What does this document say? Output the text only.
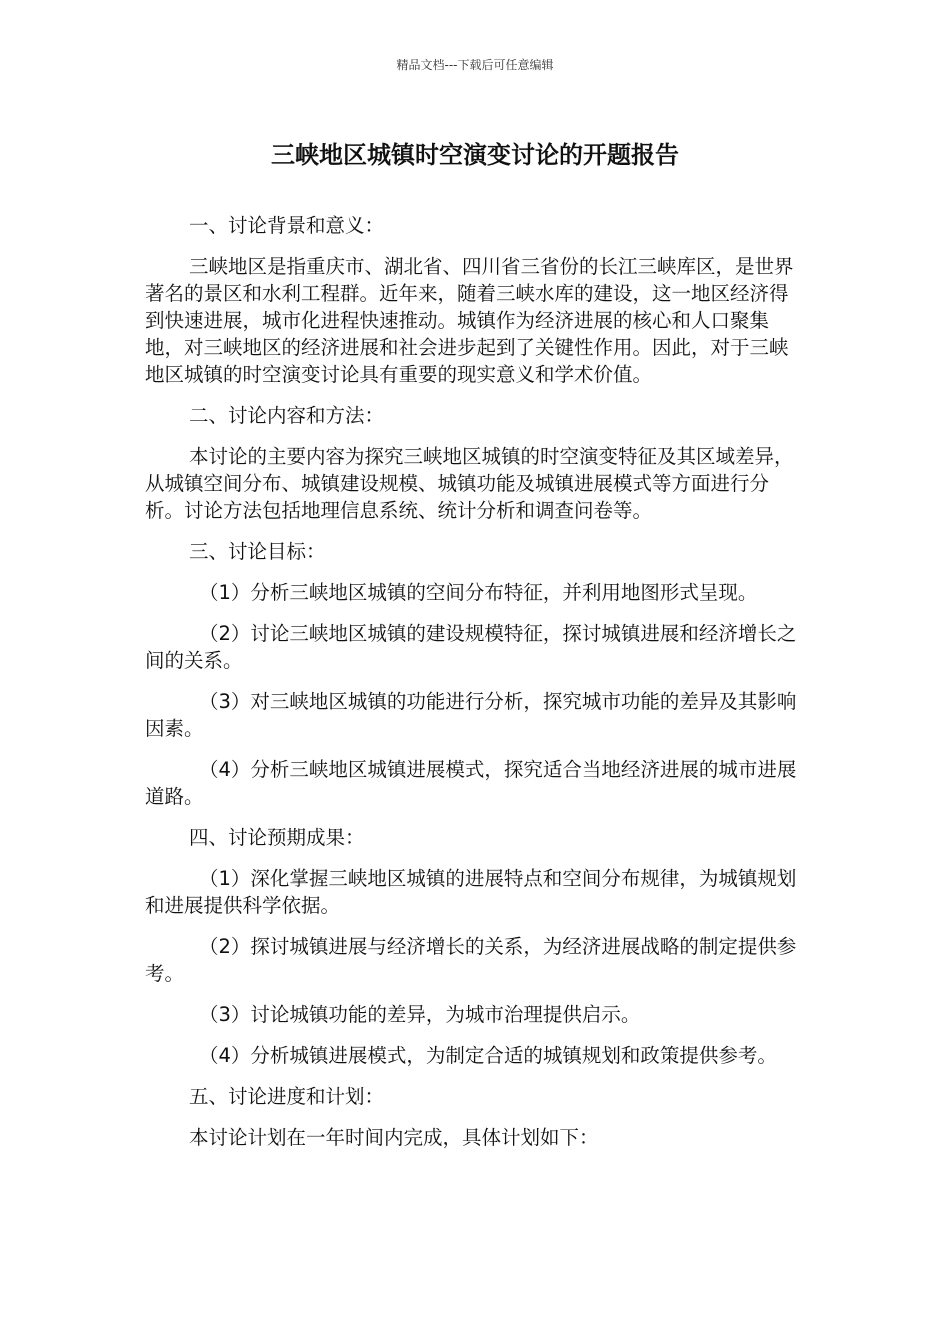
精品文档---下载后可任意编辑
三峡地区城镇时空演变讨论的开题报告

一、讨论背景和意义：

三峡地区是指重庆市、湖北省、四川省三省份的长江三峡库区，是世界著名的景区和水利工程群。近年来，随着三峡水库的建设，这一地区经济得到快速进展，城市化进程快速推动。城镇作为经济进展的核心和人口聚集地，对三峡地区的经济进展和社会进步起到了关键性作用。因此，对于三峡地区城镇的时空演变讨论具有重要的现实意义和学术价值。

二、讨论内容和方法：

本讨论的主要内容为探究三峡地区城镇的时空演变特征及其区域差异，从城镇空间分布、城镇建设规模、城镇功能及城镇进展模式等方面进行分析。讨论方法包括地理信息系统、统计分析和调查问卷等。

三、讨论目标：

（1）分析三峡地区城镇的空间分布特征，并利用地图形式呈现。

（2）讨论三峡地区城镇的建设规模特征，探讨城镇进展和经济增长之间的关系。

（3）对三峡地区城镇的功能进行分析，探究城市功能的差异及其影响因素。

（4）分析三峡地区城镇进展模式，探究适合当地经济进展的城市进展道路。

四、讨论预期成果：

（1）深化掌握三峡地区城镇的进展特点和空间分布规律，为城镇规划和进展提供科学依据。

（2）探讨城镇进展与经济增长的关系，为经济进展战略的制定提供参考。

（3）讨论城镇功能的差异，为城市治理提供启示。

（4）分析城镇进展模式，为制定合适的城镇规划和政策提供参考。

五、讨论进度和计划：

本讨论计划在一年时间内完成，具体计划如下：
